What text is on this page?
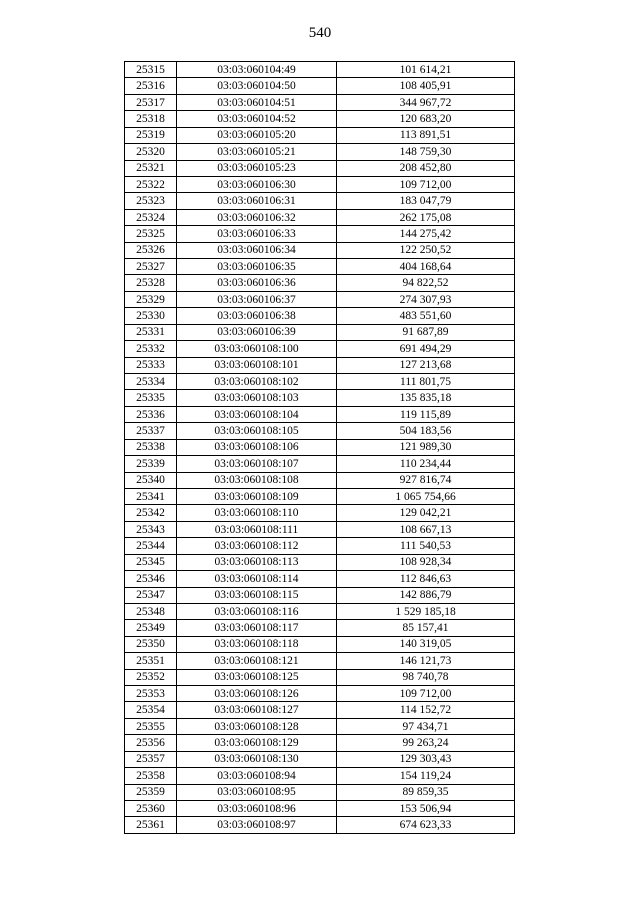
540
25315	03:03:060104:49	101 614,21
25316	03:03:060104:50	108 405,91
25317	03:03:060104:51	344 967,72
25318	03:03:060104:52	120 683,20
25319	03:03:060105:20	113 891,51
25320	03:03:060105:21	148 759,30
25321	03:03:060105:23	208 452,80
25322	03:03:060106:30	109 712,00
25323	03:03:060106:31	183 047,79
25324	03:03:060106:32	262 175,08
25325	03:03:060106:33	144 275,42
25326	03:03:060106:34	122 250,52
25327	03:03:060106:35	404 168,64
25328	03:03:060106:36	94 822,52
25329	03:03:060106:37	274 307,93
25330	03:03:060106:38	483 551,60
25331	03:03:060106:39	91 687,89
25332	03:03:060108:100	691 494,29
25333	03:03:060108:101	127 213,68
25334	03:03:060108:102	111 801,75
25335	03:03:060108:103	135 835,18
25336	03:03:060108:104	119 115,89
25337	03:03:060108:105	504 183,56
25338	03:03:060108:106	121 989,30
25339	03:03:060108:107	110 234,44
25340	03:03:060108:108	927 816,74
25341	03:03:060108:109	1 065 754,66
25342	03:03:060108:110	129 042,21
25343	03:03:060108:111	108 667,13
25344	03:03:060108:112	111 540,53
25345	03:03:060108:113	108 928,34
25346	03:03:060108:114	112 846,63
25347	03:03:060108:115	142 886,79
25348	03:03:060108:116	1 529 185,18
25349	03:03:060108:117	85 157,41
25350	03:03:060108:118	140 319,05
25351	03:03:060108:121	146 121,73
25352	03:03:060108:125	98 740,78
25353	03:03:060108:126	109 712,00
25354	03:03:060108:127	114 152,72
25355	03:03:060108:128	97 434,71
25356	03:03:060108:129	99 263,24
25357	03:03:060108:130	129 303,43
25358	03:03:060108:94	154 119,24
25359	03:03:060108:95	89 859,35
25360	03:03:060108:96	153 506,94
25361	03:03:060108:97	674 623,33
